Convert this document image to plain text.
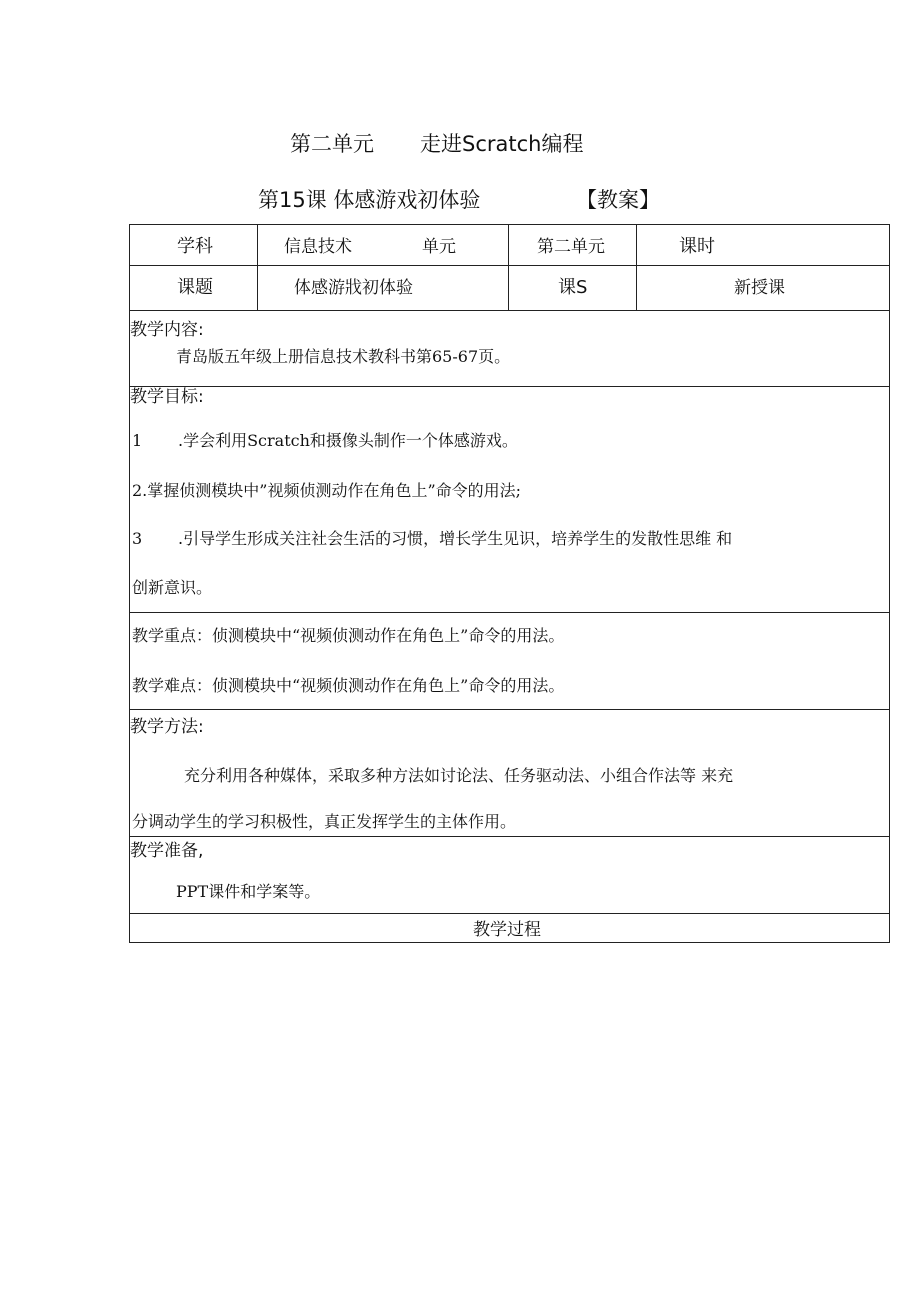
第二单元 走进Scratch编程
第15课 体感游戏初体验	【教案】
学科	信息技术	单元	第二单元	课时
课题	体感游戕初体验	课S	新授课
教学内容:
青岛版五年级上册信息技术教科书第65-67页。
教学目标:
1 .学会利用Scratch和摄像头制作一个体感游戏。
2.掌握侦测模块中”视频侦测动作在角色上”命令的用法;
3 .引导学生形成关注社会生活的习惯，增长学生见识，培养学生的发散性思维 和
创新意识。
教学重点：侦测模块中“视频侦测动作在角色上”命令的用法。
教学难点：侦测模块中“视频侦测动作在角色上”命令的用法。
教学方法:
充分利用各种媒体，采取多种方法如讨论法、任务驱动法、小组合作法等 来充
分调动学生的学习积极性，真正发挥学生的主体作用。
教学准备,
PPT课件和学案等。
教学过程
